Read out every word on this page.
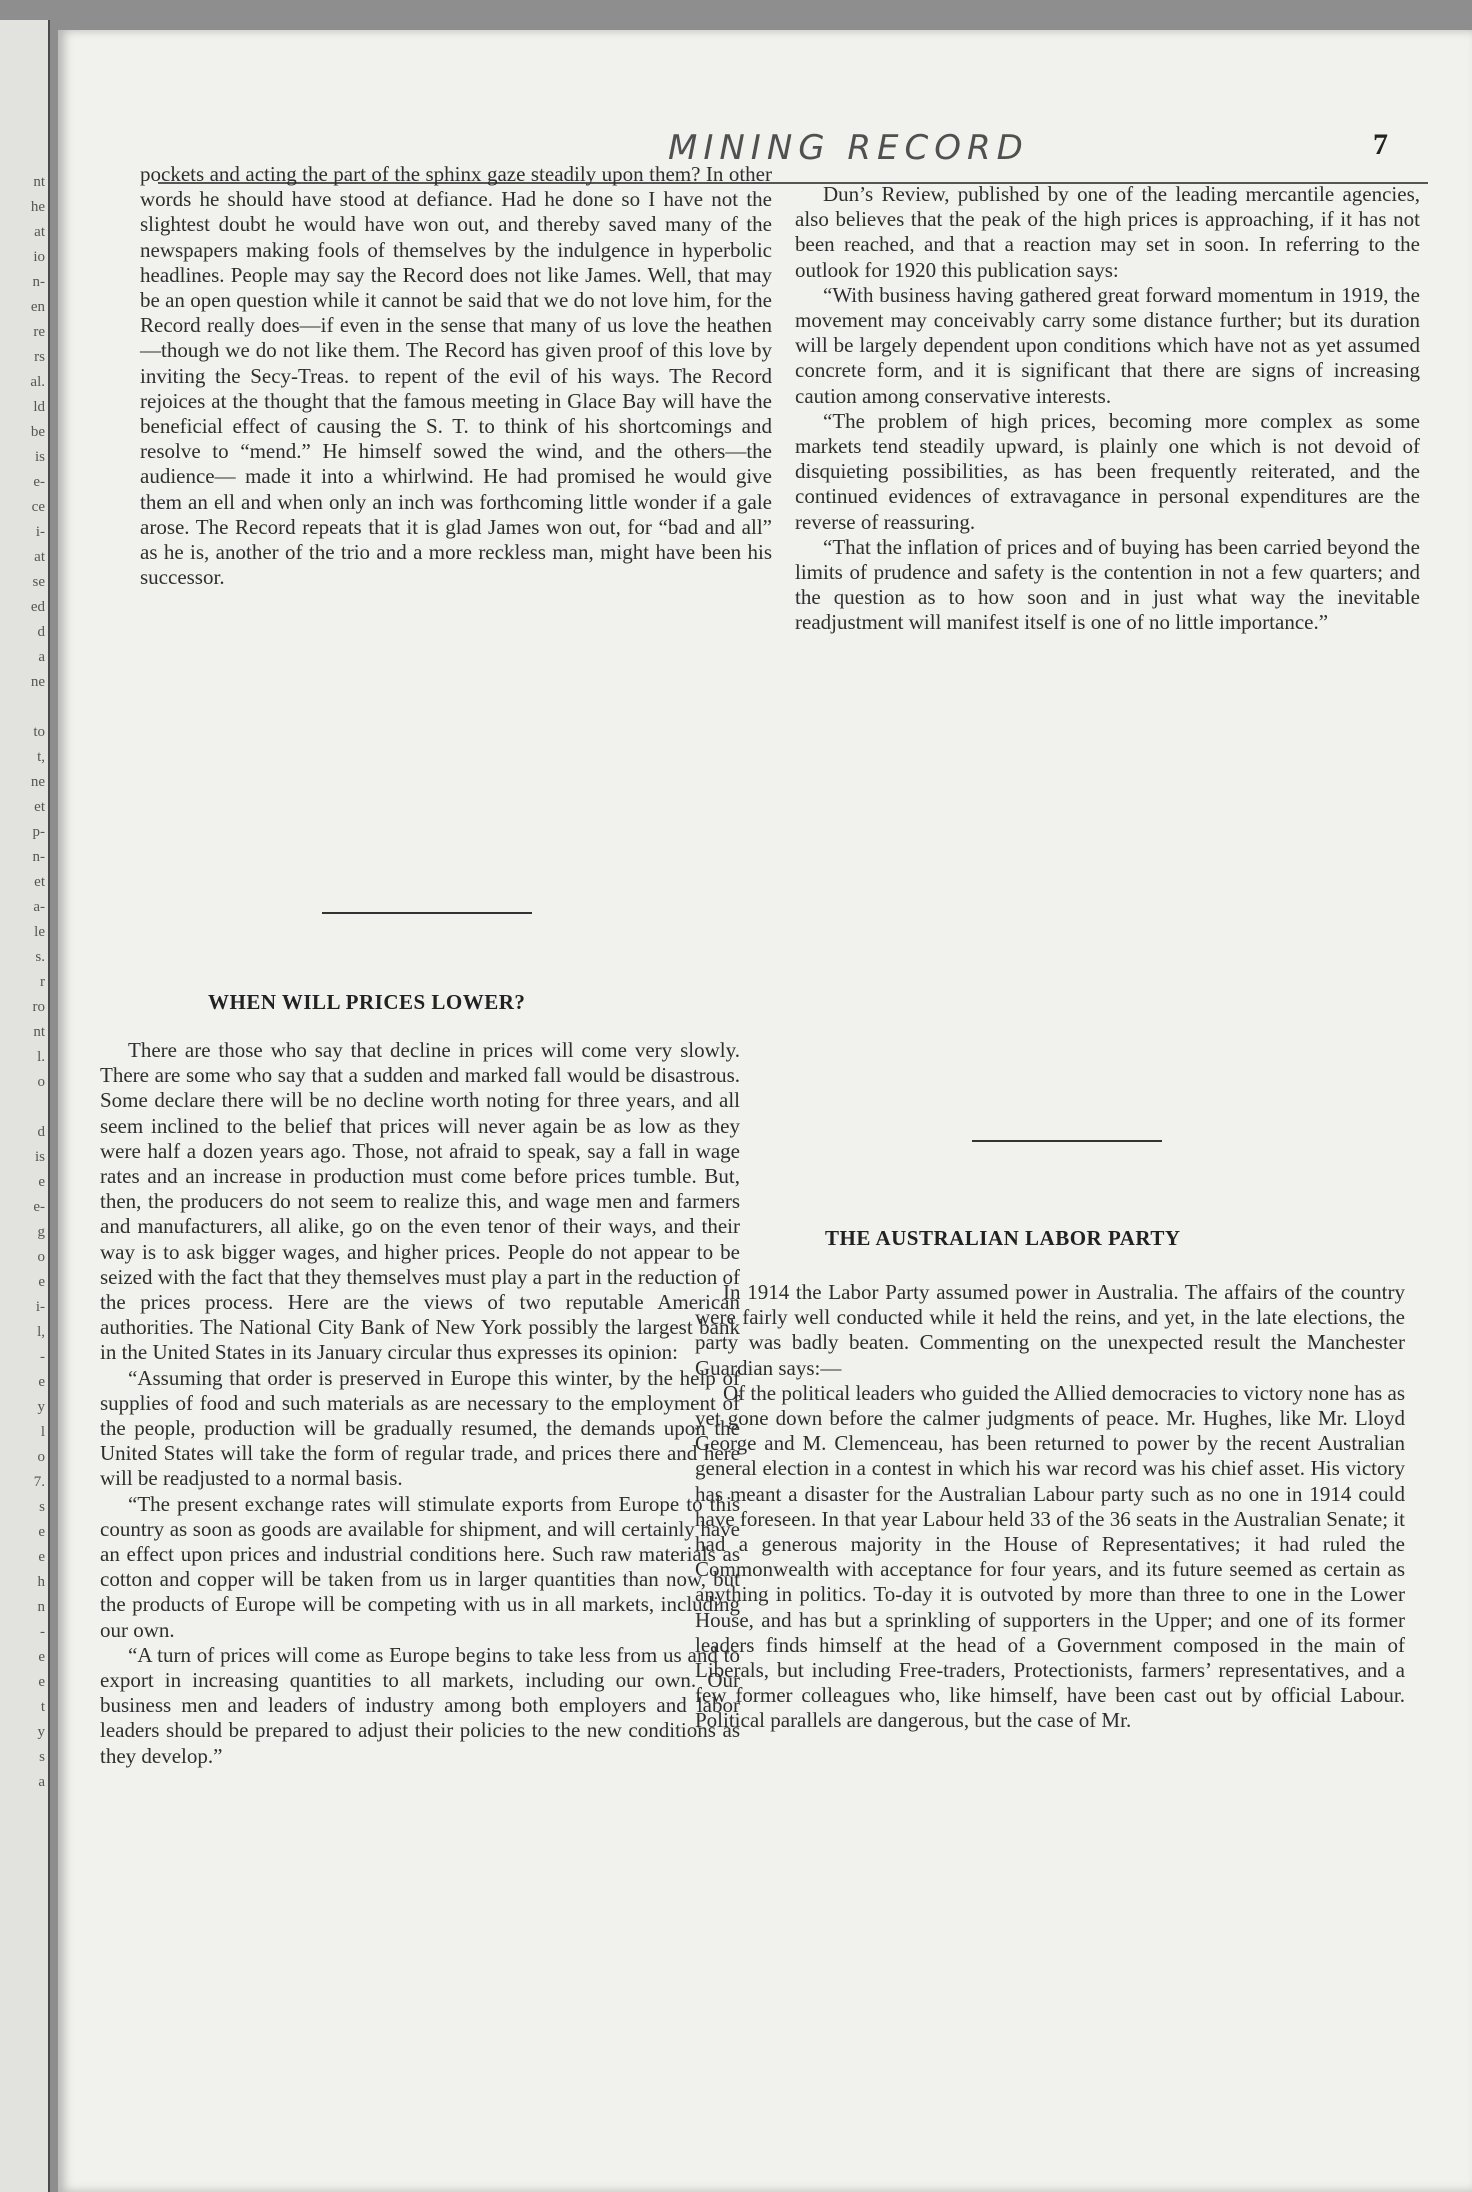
nt
he
at
io
n-
en
re
rs
al.
ld
be
is
e-
ce
i-
at
se
ed
d
a
ne
to
t,
ne
et
p-
n-
et
a-
le
s.
r
ro
nt
l.
o
d
is
e
e-
g
o
e
i-
l,
-
e
y
l
o
7.
s
e
e
h
n
-
e
e
t
y
s
a
MINING RECORD	7

pockets and acting the part of the sphinx gaze steadily upon them? In other words he should have stood at defiance. Had he done so I have not the slightest doubt he would have won out, and thereby saved many of the newspapers making fools of themselves by the indulgence in hyperbolic headlines. People may say the Record does not like James. Well, that may be an open question while it cannot be said that we do not love him, for the Record really does—if even in the sense that many of us love the heathen—though we do not like them. The Record has given proof of this love by inviting the Secy-Treas. to repent of the evil of his ways. The Record rejoices at the thought that the famous meeting in Glace Bay will have the beneficial effect of causing the S. T. to think of his shortcomings and resolve to “mend.” He himself sowed the wind, and the others—the audience— made it into a whirlwind. He had promised he would give them an ell and when only an inch was forthcoming little wonder if a gale arose. The Record repeats that it is glad James won out, for “bad and all” as he is, another of the trio and a more reckless man, might have been his successor.

WHEN WILL PRICES LOWER?

There are those who say that decline in prices will come very slowly. There are some who say that a sudden and marked fall would be disastrous. Some declare there will be no decline worth noting for three years, and all seem inclined to the belief that prices will never again be as low as they were half a dozen years ago. Those, not afraid to speak, say a fall in wage rates and an increase in production must come before prices tumble. But, then, the producers do not seem to realize this, and wage men and farmers and manufacturers, all alike, go on the even tenor of their ways, and their way is to ask bigger wages, and higher prices. People do not appear to be seized with the fact that they themselves must play a part in the reduction of the prices process. Here are the views of two reputable American authorities. The National City Bank of New York possibly the largest bank in the United States in its January circular thus expresses its opinion:

“Assuming that order is preserved in Europe this winter, by the help of supplies of food and such materials as are necessary to the employment of the people, production will be gradually resumed, the demands upon the United States will take the form of regular trade, and prices there and here will be readjusted to a normal basis.

“The present exchange rates will stimulate exports from Europe to this country as soon as goods are available for shipment, and will certainly have an effect upon prices and industrial conditions here. Such raw materials as cotton and copper will be taken from us in larger quantities than now, but the products of Europe will be competing with us in all markets, including our own.

“A turn of prices will come as Europe begins to take less from us and to export in increasing quantities to all markets, including our own. Our business men and leaders of industry among both employers and labor leaders should be prepared to adjust their policies to the new conditions as they develop.”

Dun’s Review, published by one of the leading mercantile agencies, also believes that the peak of the high prices is approaching, if it has not been reached, and that a reaction may set in soon. In referring to the outlook for 1920 this publication says:

“With business having gathered great forward momentum in 1919, the movement may conceivably carry some distance further; but its duration will be largely dependent upon conditions which have not as yet assumed concrete form, and it is significant that there are signs of increasing caution among conservative interests.

“The problem of high prices, becoming more complex as some markets tend steadily upward, is plainly one which is not devoid of disquieting possibilities, as has been frequently reiterated, and the continued evidences of extravagance in personal expenditures are the reverse of reassuring.

“That the inflation of prices and of buying has been carried beyond the limits of prudence and safety is the contention in not a few quarters; and the question as to how soon and in just what way the inevitable readjustment will manifest itself is one of no little importance.”

THE AUSTRALIAN LABOR PARTY

In 1914 the Labor Party assumed power in Australia. The affairs of the country were fairly well conducted while it held the reins, and yet, in the late elections, the party was badly beaten. Commenting on the unexpected result the Manchester Guardian says:—

Of the political leaders who guided the Allied democracies to victory none has as yet gone down before the calmer judgments of peace. Mr. Hughes, like Mr. Lloyd George and M. Clemenceau, has been returned to power by the recent Australian general election in a contest in which his war record was his chief asset. His victory has meant a disaster for the Australian Labour party such as no one in 1914 could have foreseen. In that year Labour held 33 of the 36 seats in the Australian Senate; it had a generous majority in the House of Representatives; it had ruled the Commonwealth with acceptance for four years, and its future seemed as certain as anything in politics. To-day it is outvoted by more than three to one in the Lower House, and has but a sprinkling of supporters in the Upper; and one of its former leaders finds himself at the head of a Government composed in the main of Liberals, but including Free-traders, Protectionists, farmers’ representatives, and a few former colleagues who, like himself, have been cast out by official Labour. Political parallels are dangerous, but the case of Mr.
